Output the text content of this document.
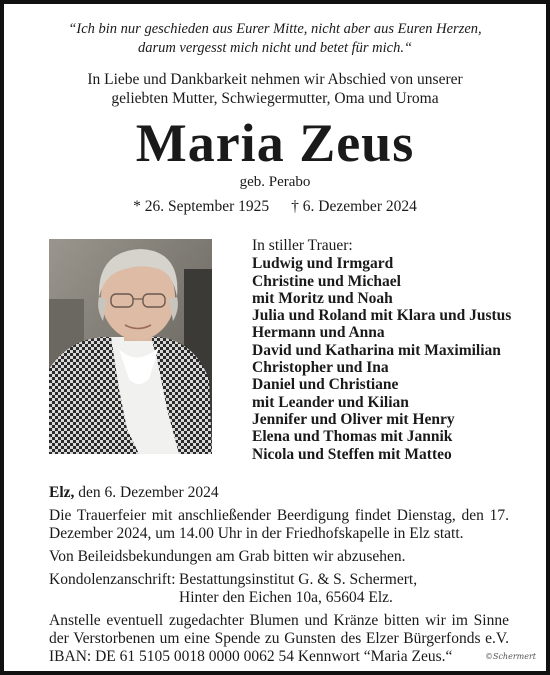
“Ich bin nur geschieden aus Eurer Mitte, nicht aber aus Euren Herzen,
darum vergesst mich nicht und betet für mich.“
In Liebe und Dankbarkeit nehmen wir Abschied von unserer
geliebten Mutter, Schwiegermutter, Oma und Uroma
Maria Zeus
geb. Perabo
* 26. September 1925 † 6. Dezember 2024
In stiller Trauer:
Ludwig und Irmgard
Christine und Michael
mit Moritz und Noah
Julia und Roland mit Klara und Justus
Hermann und Anna
David und Katharina mit Maximilian
Christopher und Ina
Daniel und Christiane
mit Leander und Kilian
Jennifer und Oliver mit Henry
Elena und Thomas mit Jannik
Nicola und Steffen mit Matteo

Elz, den 6. Dezember 2024

Die Trauerfeier mit anschließender Beerdigung findet Dienstag, den 17. Dezember 2024, um 14.00 Uhr in der Friedhofskapelle in Elz statt.

Von Beileidsbekundungen am Grab bitten wir abzusehen.

Kondolenzanschrift: Bestattungsinstitut G. & S. Schermert,
Hinter den Eichen 10a, 65604 Elz.

Anstelle eventuell zugedachter Blumen und Kränze bitten wir im Sinne der Verstorbenen um eine Spende zu Gunsten des Elzer Bürgerfonds e.V. IBAN: DE 61 5105 0018 0000 0062 54 Kennwort “Maria Zeus.“	©Schermert
